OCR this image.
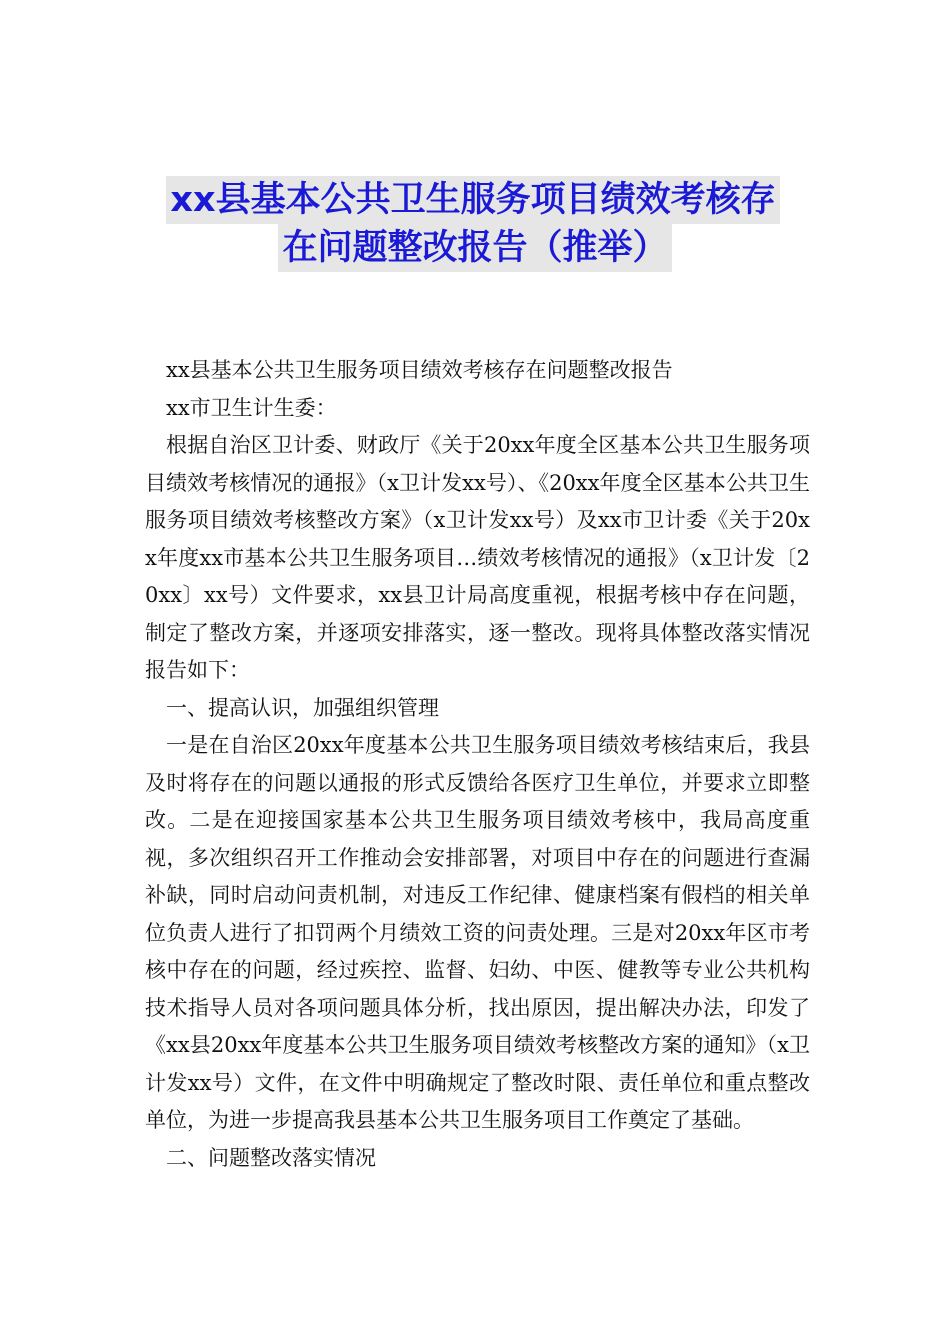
xx县基本公共卫生服务项目绩效考核存
在问题整改报告（推举）

xx县基本公共卫生服务项目绩效考核存在问题整改报告

xx市卫生计生委：

根据自治区卫计委、财政厅《关于20xx年度全区基本公共卫生服务项目绩效考核情况的通报》（x卫计发xx号）、《20xx年度全区基本公共卫生服务项目绩效考核整改方案》（x卫计发xx号）及xx市卫计委《关于20xx年度xx市基本公共卫生服务项目…绩效考核情况的通报》（x卫计发〔20xx〕xx号）文件要求，xx县卫计局高度重视，根据考核中存在问题，制定了整改方案，并逐项安排落实，逐一整改。现将具体整改落实情况报告如下：

一、提高认识，加强组织管理

一是在自治区20xx年度基本公共卫生服务项目绩效考核结束后，我县及时将存在的问题以通报的形式反馈给各医疗卫生单位，并要求立即整改。二是在迎接国家基本公共卫生服务项目绩效考核中，我局高度重视，多次组织召开工作推动会安排部署，对项目中存在的问题进行查漏补缺，同时启动问责机制，对违反工作纪律、健康档案有假档的相关单位负责人进行了扣罚两个月绩效工资的问责处理。三是对20xx年区市考核中存在的问题，经过疾控、监督、妇幼、中医、健教等专业公共机构技术指导人员对各项问题具体分析，找出原因，提出解决办法，印发了《xx县20xx年度基本公共卫生服务项目绩效考核整改方案的通知》（x卫计发xx号）文件，在文件中明确规定了整改时限、责任单位和重点整改单位，为进一步提高我县基本公共卫生服务项目工作奠定了基础。

二、问题整改落实情况
